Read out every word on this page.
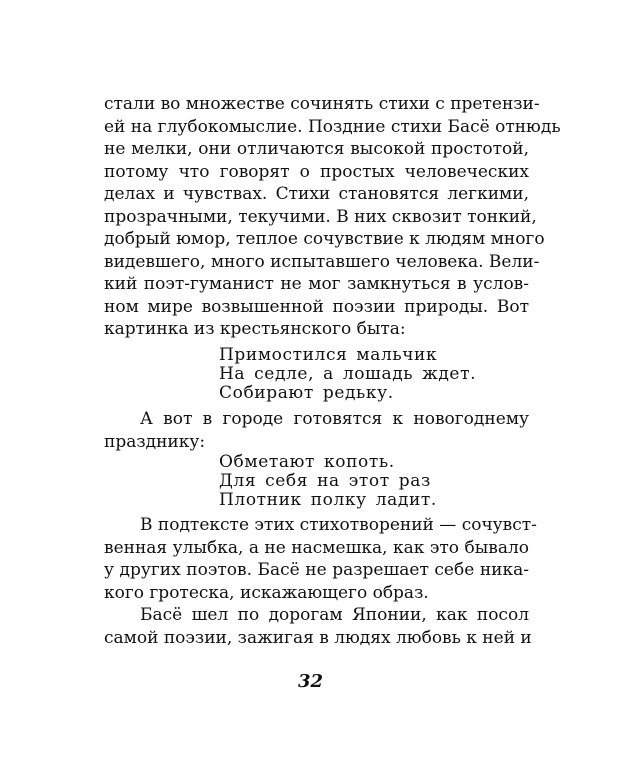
стали во множестве сочинять стихи с претензи-
ей на глубокомыслие. Поздние стихи Басё отнюдь
не мелки, они отличаются высокой простотой,
потому что говорят о простых человеческих
делах и чувствах. Стихи становятся легкими,
прозрачными, текучими. В них сквозит тонкий,
добрый юмор, теплое сочувствие к людям много
видевшего, много испытавшего человека. Вели-
кий поэт-гуманист не мог замкнуться в услов-
ном мире возвышенной поэзии природы. Вот
картинка из крестьянского быта:
Примостился мальчик
На седле, а лошадь ждет.
Собирают редьку.
А вот в городе готовятся к новогоднему
празднику:
Обметают копоть.
Для себя на этот раз
Плотник полку ладит.
В подтексте этих стихотворений — сочувст-
венная улыбка, а не насмешка, как это бывало
у других поэтов. Басё не разрешает себе ника-
кого гротеска, искажающего образ.
Басё шел по дорогам Японии, как посол
самой поэзии, зажигая в людях любовь к ней и
32
